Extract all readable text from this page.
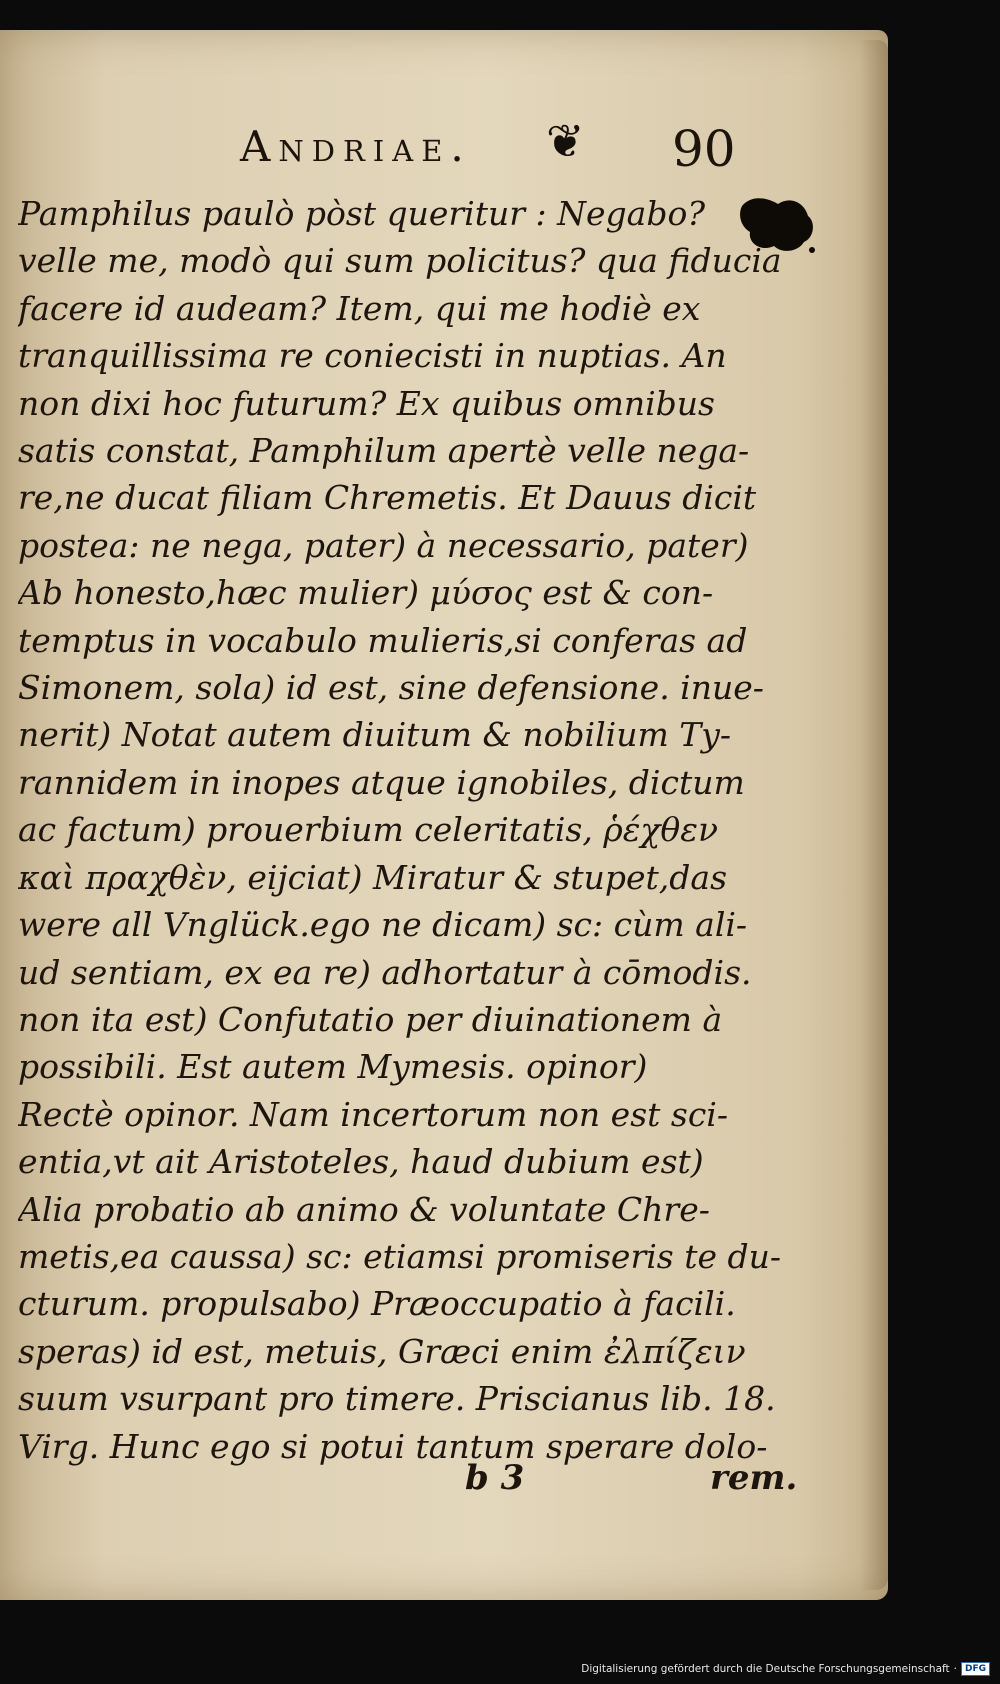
Andriae. ❦ 90
Pamphilus paulò pòst queritur : Negabo?
velle me, modò qui sum policitus? qua fiducia
facere id audeam? Item, qui me hodiè ex
tranquillissima re coniecisti in nuptias. An
non dixi hoc futurum? Ex quibus omnibus
satis constat, Pamphilum apertè velle nega-
re,ne ducat filiam Chremetis. Et Dauus dicit
postea: ne nega, pater) à necessario, pater)
Ab honesto,hæc mulier) μύσος est & con-
temptus in vocabulo mulieris,si conferas ad
Simonem, sola) id est, sine defensione. inue-
nerit) Notat autem diuitum & nobilium Ty-
rannidem in inopes atque ignobiles, dictum
ac factum) prouerbium celeritatis, ῥέχθεν
καὶ πραχθὲν, eijciat) Miratur & stupet,das
were all Vnglück.ego ne dicam) sc: cùm ali-
ud sentiam, ex ea re) adhortatur à cōmodis.
non ita est) Confutatio per diuinationem à
possibili. Est autem Mymesis. opinor)
Rectè opinor. Nam incertorum non est sci-
entia,vt ait Aristoteles, haud dubium est)
Alia probatio ab animo & voluntate Chre-
metis,ea caussa) sc: etiamsi promiseris te du-
cturum. propulsabo) Præoccupatio à facili.
speras) id est, metuis, Græci enim ἐλπίζειν
suum vsurpant pro timere. Priscianus lib. 18.
Virg. Hunc ego si potui tantum sperare dolo-
b 3	rem.
Digitalisierung gefördert durch die Deutsche Forschungsgemeinschaft · DFG
